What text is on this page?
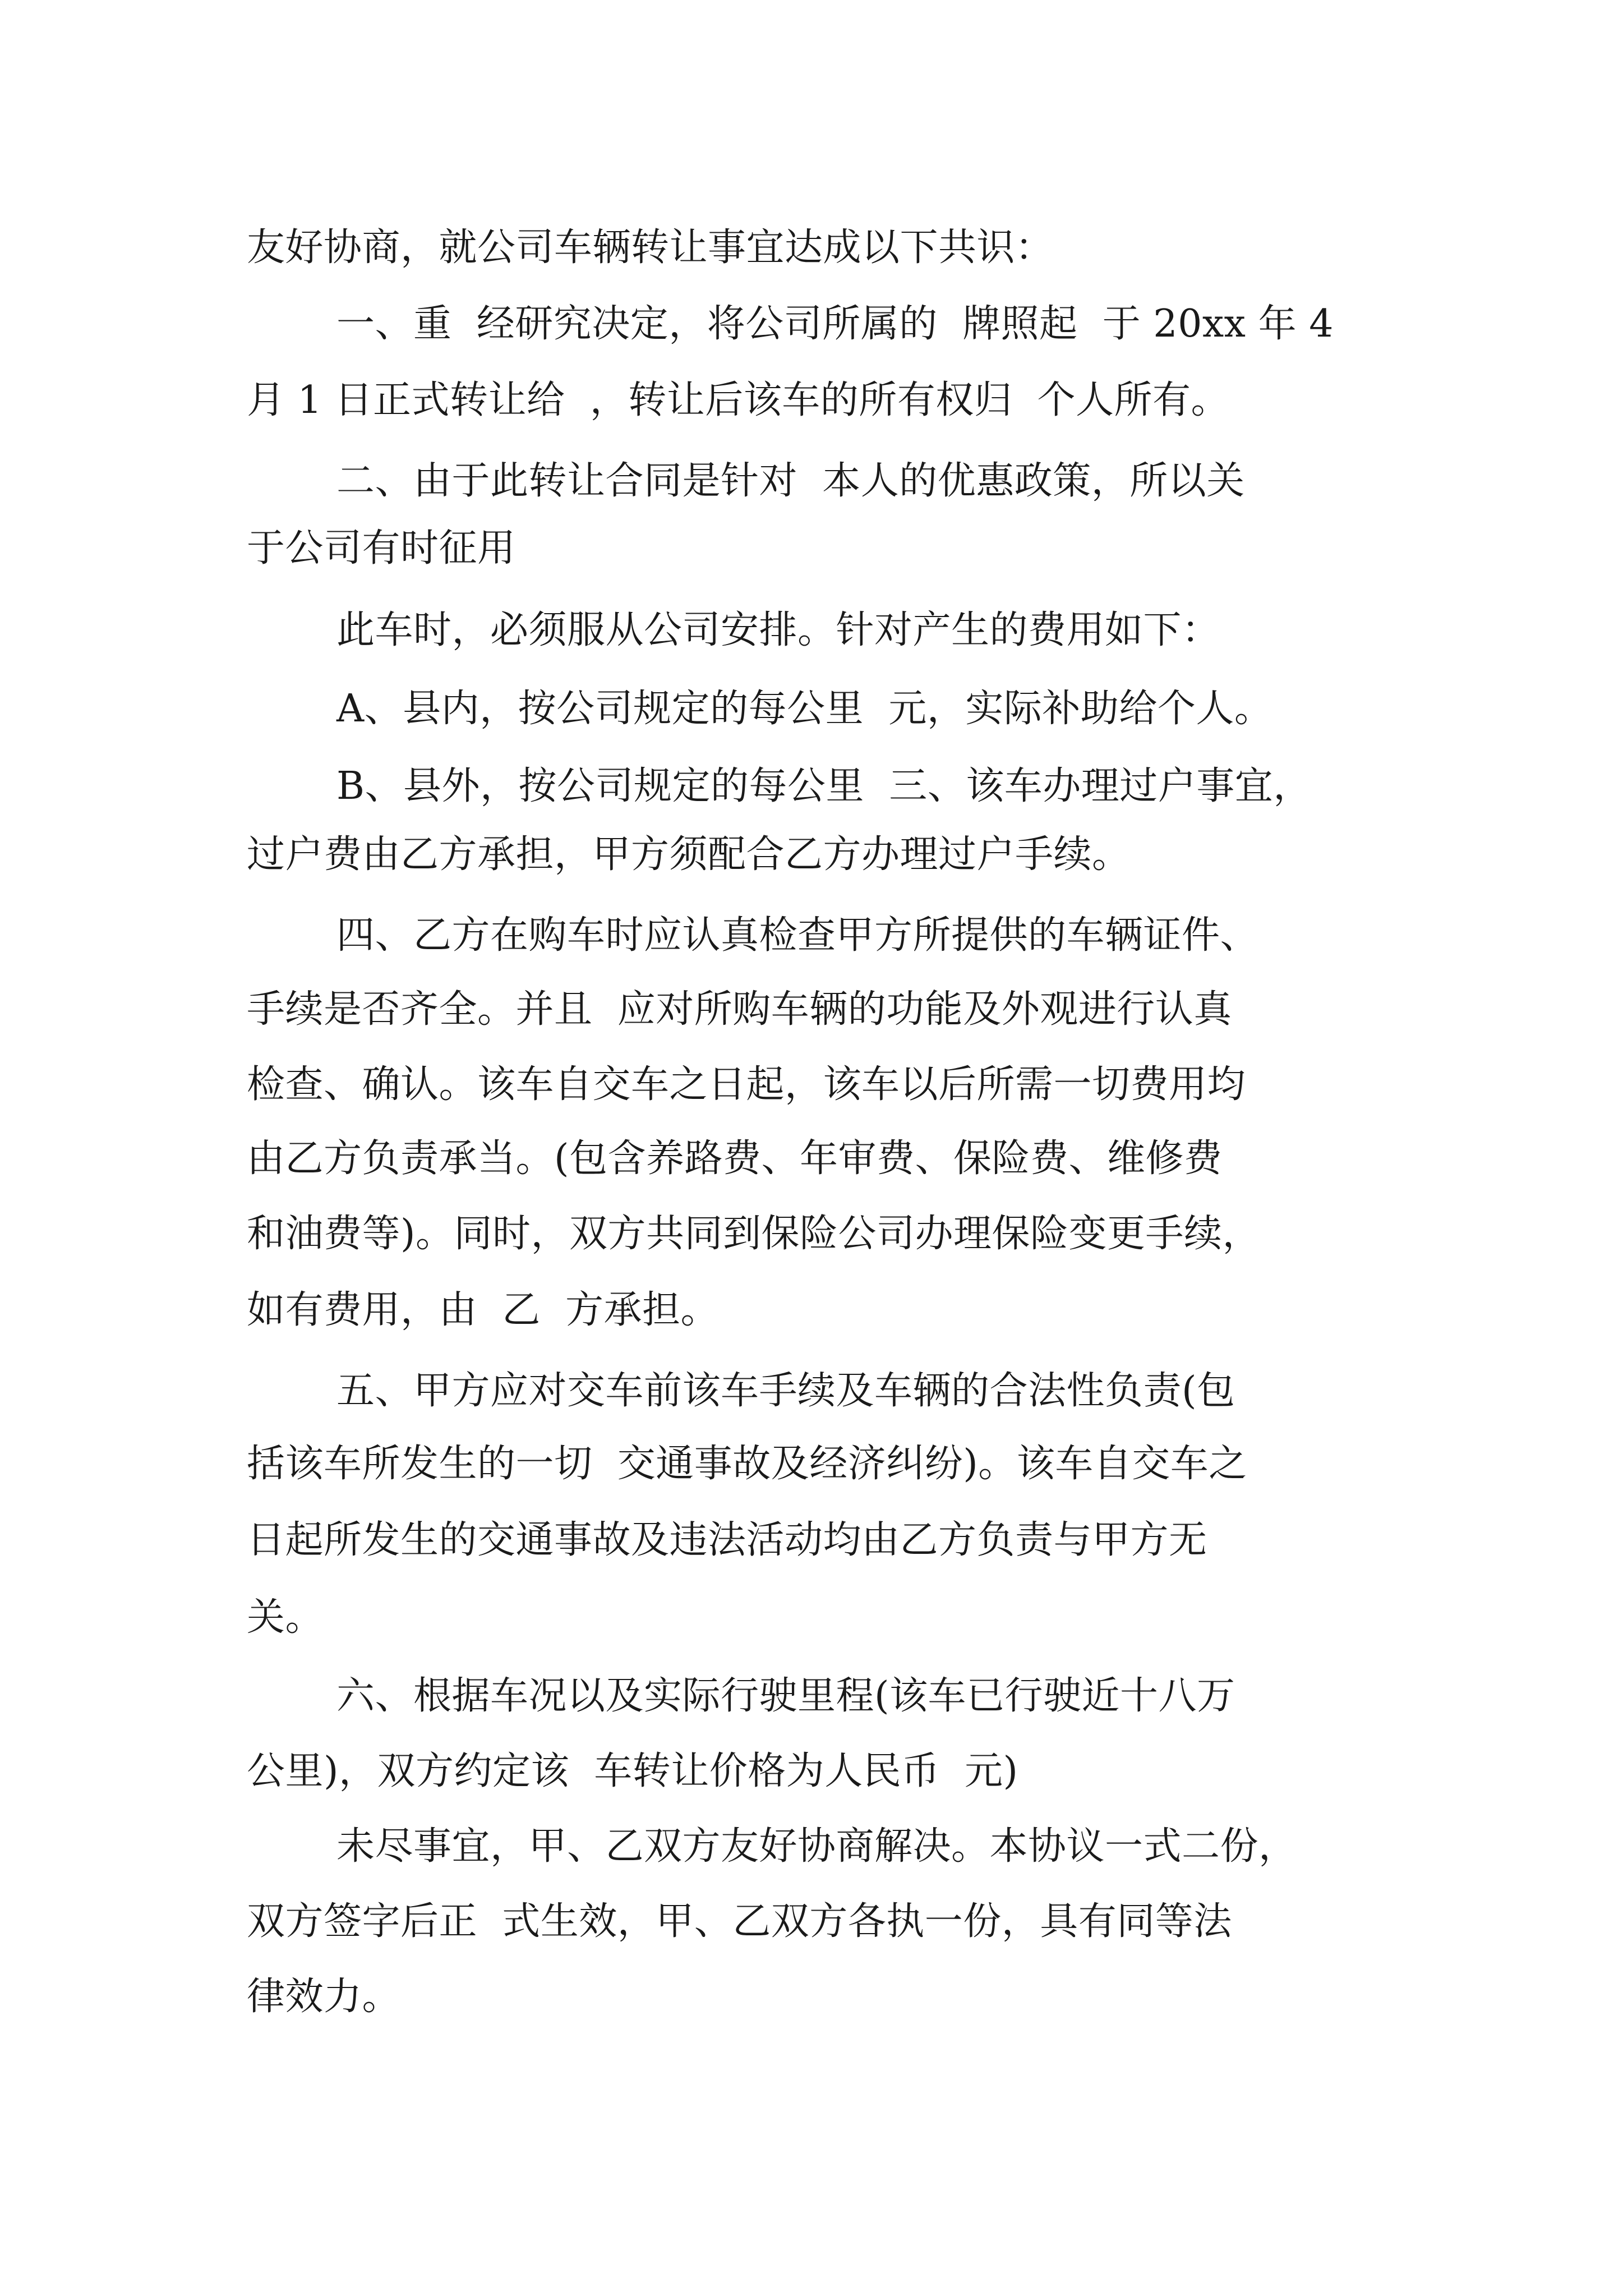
友好协商，就公司车辆转让事宜达成以下共识：
一、重  经研究决定，将公司所属的  牌照起  于 20xx 年 4
月 1 日正式转让给  ，转让后该车的所有权归  个人所有。
二、由于此转让合同是针对  本人的优惠政策，所以关
于公司有时征用
此车时，必须服从公司安排。针对产生的费用如下：
A、县内，按公司规定的每公里  元，实际补助给个人。
B、县外，按公司规定的每公里  三、该车办理过户事宜，
过户费由乙方承担，甲方须配合乙方办理过户手续。
四、乙方在购车时应认真检查甲方所提供的车辆证件、
手续是否齐全。并且  应对所购车辆的功能及外观进行认真
检查、确认。该车自交车之日起，该车以后所需一切费用均
由乙方负责承当。(包含养路费、年审费、保险费、维修费
和油费等)。同时，双方共同到保险公司办理保险变更手续，
如有费用，由  乙  方承担。
五、甲方应对交车前该车手续及车辆的合法性负责(包
括该车所发生的一切  交通事故及经济纠纷)。该车自交车之
日起所发生的交通事故及违法活动均由乙方负责与甲方无
关。
六、根据车况以及实际行驶里程(该车已行驶近十八万
公里)，双方约定该  车转让价格为人民币  元)
未尽事宜，甲、乙双方友好协商解决。本协议一式二份，
双方签字后正  式生效，甲、乙双方各执一份，具有同等法
律效力。
